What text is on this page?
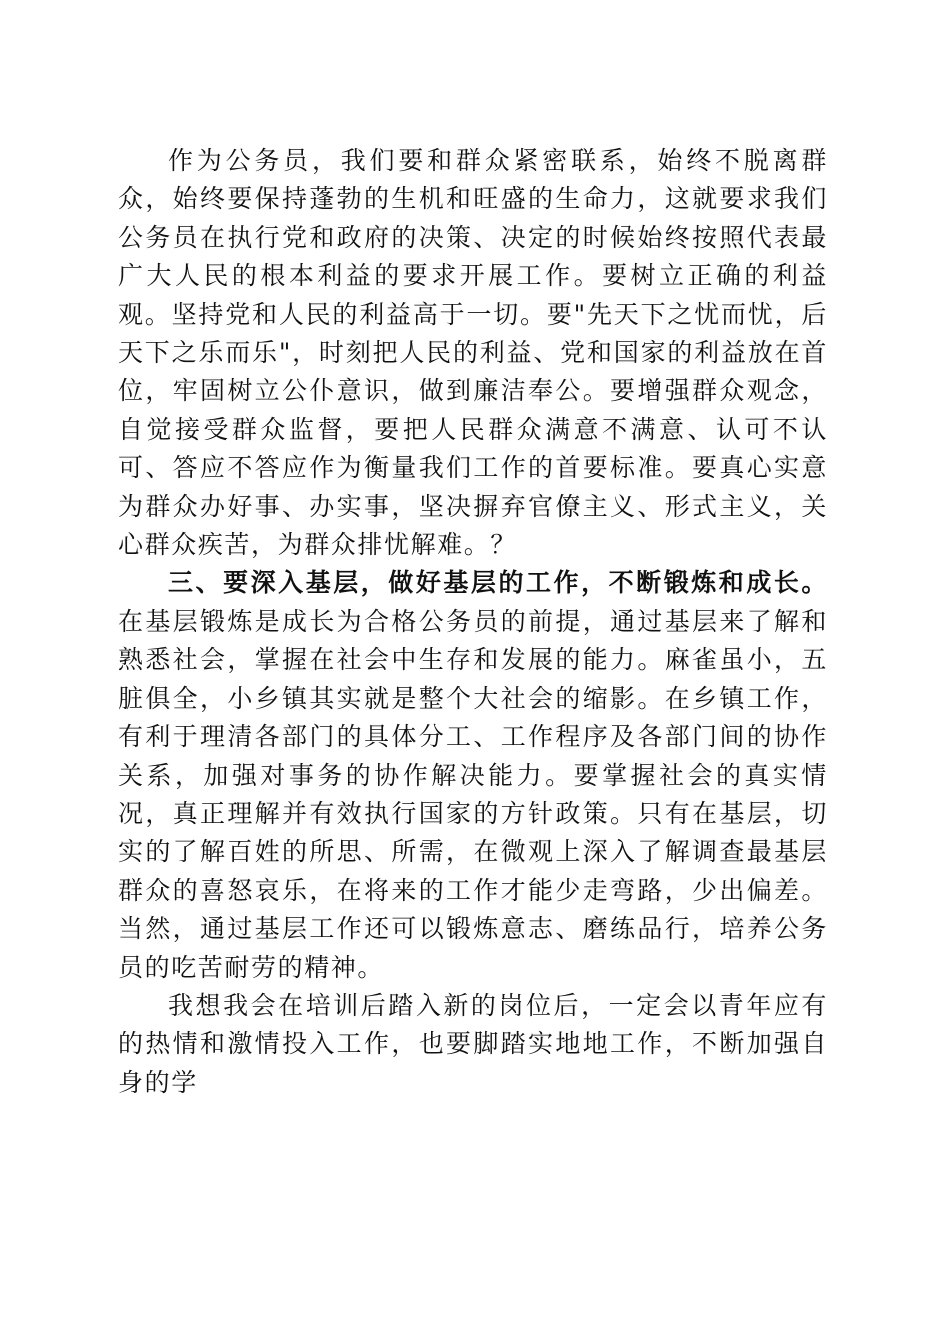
作为公务员，我们要和群众紧密联系，始终不脱离群众，始终要保持蓬勃的生机和旺盛的生命力，这就要求我们公务员在执行党和政府的决策、决定的时候始终按照代表最广大人民的根本利益的要求开展工作。要树立正确的利益观。坚持党和人民的利益高于一切。要"先天下之忧而忧，后天下之乐而乐"，时刻把人民的利益、党和国家的利益放在首位，牢固树立公仆意识，做到廉洁奉公。要增强群众观念，自觉接受群众监督，要把人民群众满意不满意、认可不认可、答应不答应作为衡量我们工作的首要标准。要真心实意为群众办好事、办实事，坚决摒弃官僚主义、形式主义，关心群众疾苦，为群众排忧解难。？

三、要深入基层，做好基层的工作，不断锻炼和成长。在基层锻炼是成长为合格公务员的前提，通过基层来了解和熟悉社会，掌握在社会中生存和发展的能力。麻雀虽小，五脏俱全，小乡镇其实就是整个大社会的缩影。在乡镇工作，有利于理清各部门的具体分工、工作程序及各部门间的协作关系，加强对事务的协作解决能力。要掌握社会的真实情况，真正理解并有效执行国家的方针政策。只有在基层，切实的了解百姓的所思、所需，在微观上深入了解调查最基层群众的喜怒哀乐，在将来的工作才能少走弯路，少出偏差。当然，通过基层工作还可以锻炼意志、磨练品行，培养公务员的吃苦耐劳的精神。

我想我会在培训后踏入新的岗位后，一定会以青年应有的热情和激情投入工作，也要脚踏实地地工作，不断加强自身的学
